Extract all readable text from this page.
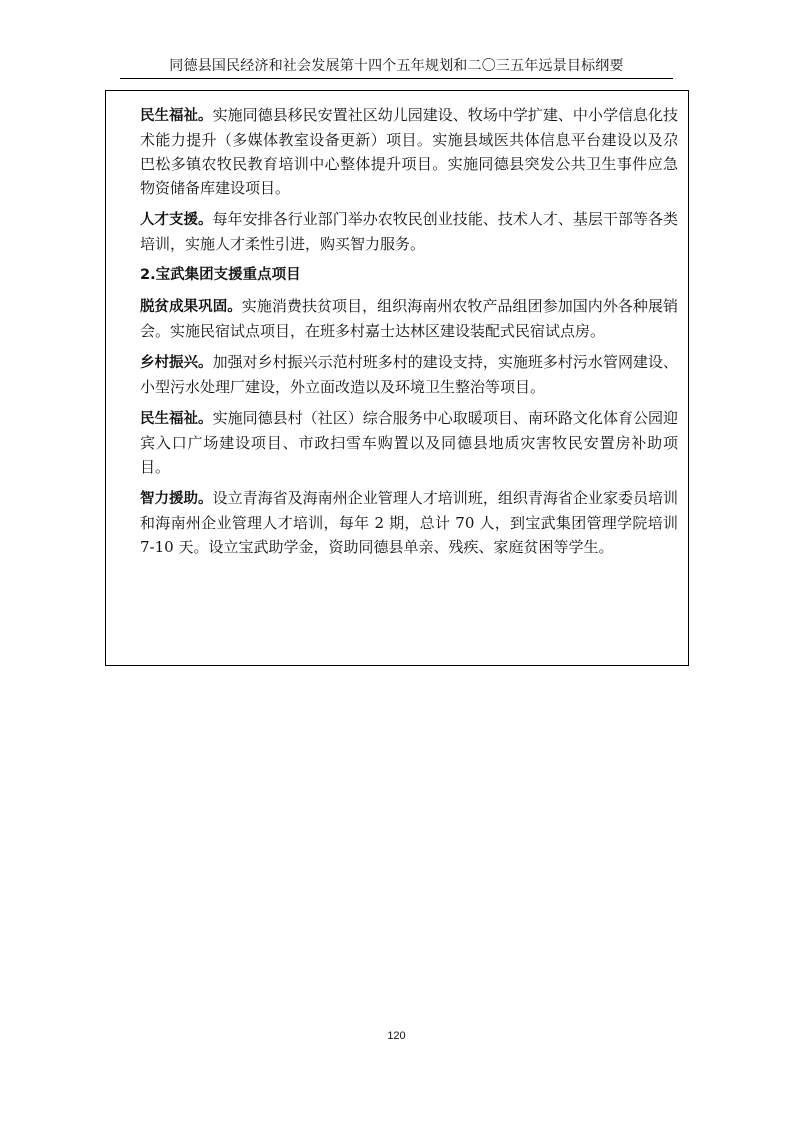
同德县国民经济和社会发展第十四个五年规划和二〇三五年远景目标纲要

民生福祉。实施同德县移民安置社区幼儿园建设、牧场中学扩建、中小学信息化技术能力提升（多媒体教室设备更新）项目。实施县域医共体信息平台建设以及尕巴松多镇农牧民教育培训中心整体提升项目。实施同德县突发公共卫生事件应急物资储备库建设项目。

人才支援。每年安排各行业部门举办农牧民创业技能、技术人才、基层干部等各类培训，实施人才柔性引进，购买智力服务。

2.宝武集团支援重点项目

脱贫成果巩固。实施消费扶贫项目，组织海南州农牧产品组团参加国内外各种展销会。实施民宿试点项目，在班多村嘉士达林区建设装配式民宿试点房。

乡村振兴。加强对乡村振兴示范村班多村的建设支持，实施班多村污水管网建设、小型污水处理厂建设，外立面改造以及环境卫生整治等项目。

民生福祉。实施同德县村（社区）综合服务中心取暖项目、南环路文化体育公园迎宾入口广场建设项目、市政扫雪车购置以及同德县地质灾害牧民安置房补助项目。

智力援助。设立青海省及海南州企业管理人才培训班，组织青海省企业家委员培训和海南州企业管理人才培训，每年 2 期，总计 70 人，到宝武集团管理学院培训 7-10 天。设立宝武助学金，资助同德县单亲、残疾、家庭贫困等学生。

120
